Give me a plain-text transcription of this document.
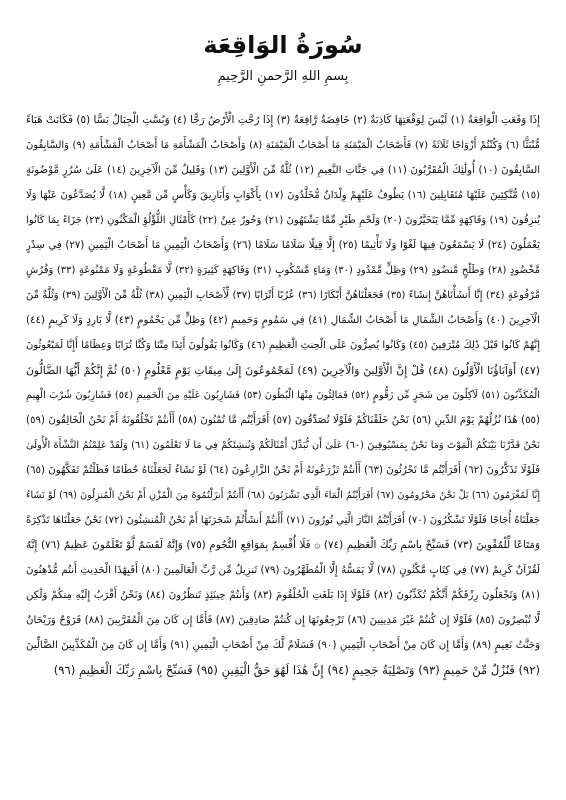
سُورَةُ الوَاقِعَة
بِسمِ اللهِ الرَّحمنِ الرَّحِيمِ
إِذَا وَقَعَتِ الْوَاقِعَةُ (١) لَيْسَ لِوَقْعَتِهَا كَاذِبَةٌ (٢) خَافِضَةٌ رَّافِعَةٌ (٣) إِذَا رُجَّتِ الْأَرْضُ رَجًّا (٤) وَبُسَّتِ الْجِبَالُ بَسًّا (٥) فَكَانَتْ هَبَاءً
مُّنْبَثًّا (٦) وَكُنْتُمْ أَزْوَاجًا ثَلَاثَةً (٧) فَأَصْحَابُ الْمَيْمَنَةِ مَا أَصْحَابُ الْمَيْمَنَةِ (٨) وَأَصْحَابُ الْمَشْأَمَةِ مَا أَصْحَابُ الْمَشْأَمَةِ (٩) وَالسَّابِقُونَ
السَّابِقُونَ (١٠) أُولَٰئِكَ الْمُقَرَّبُونَ (١١) فِي جَنَّاتِ النَّعِيمِ (١٢) ثُلَّةٌ مِّنَ الْأَوَّلِينَ (١٣) وَقَلِيلٌ مِّنَ الْآخِرِينَ (١٤) عَلَىٰ سُرُرٍ مَّوْضُونَةٍ
(١٥) مُّتَّكِئِينَ عَلَيْهَا مُتَقَابِلِينَ (١٦) يَطُوفُ عَلَيْهِمْ وِلْدَانٌ مُّخَلَّدُونَ (١٧) بِأَكْوَابٍ وَأَبَارِيقَ وَكَأْسٍ مِّن مَّعِينٍ (١٨) لَّا يُصَدَّعُونَ عَنْهَا وَلَا
يُنزِفُونَ (١٩) وَفَاكِهَةٍ مِّمَّا يَتَخَيَّرُونَ (٢٠) وَلَحْمِ طَيْرٍ مِّمَّا يَشْتَهُونَ (٢١) وَحُورٌ عِينٌ (٢٢) كَأَمْثَالِ اللُّؤْلُؤِ الْمَكْنُونِ (٢٣) جَزَاءً بِمَا كَانُوا
يَعْمَلُونَ (٢٤) لَا يَسْمَعُونَ فِيهَا لَغْوًا وَلَا تَأْثِيمًا (٢٥) إِلَّا قِيلًا سَلَامًا سَلَامًا (٢٦) وَأَصْحَابُ الْيَمِينِ مَا أَصْحَابُ الْيَمِينِ (٢٧) فِي سِدْرٍ
مَّخْضُودٍ (٢٨) وَطَلْحٍ مَّنضُودٍ (٢٩) وَظِلٍّ مَّمْدُودٍ (٣٠) وَمَاءٍ مَّسْكُوبٍ (٣١) وَفَاكِهَةٍ كَثِيرَةٍ (٣٢) لَّا مَقْطُوعَةٍ وَلَا مَمْنُوعَةٍ (٣٣) وَفُرُشٍ
مَّرْفُوعَةٍ (٣٤) إِنَّا أَنشَأْنَاهُنَّ إِنشَاءً (٣٥) فَجَعَلْنَاهُنَّ أَبْكَارًا (٣٦) عُرُبًا أَتْرَابًا (٣٧) لِّأَصْحَابِ الْيَمِينِ (٣٨) ثُلَّةٌ مِّنَ الْأَوَّلِينَ (٣٩) وَثُلَّةٌ مِّنَ
الْآخِرِينَ (٤٠) وَأَصْحَابُ الشِّمَالِ مَا أَصْحَابُ الشِّمَالِ (٤١) فِي سَمُومٍ وَحَمِيمٍ (٤٢) وَظِلٍّ مِّن يَحْمُومٍ (٤٣) لَّا بَارِدٍ وَلَا كَرِيمٍ (٤٤)
إِنَّهُمْ كَانُوا قَبْلَ ذَٰلِكَ مُتْرَفِينَ (٤٥) وَكَانُوا يُصِرُّونَ عَلَى الْحِنثِ الْعَظِيمِ (٤٦) وَكَانُوا يَقُولُونَ أَئِذَا مِتْنَا وَكُنَّا تُرَابًا وَعِظَامًا أَإِنَّا لَمَبْعُوثُونَ
(٤٧) أَوَآبَاؤُنَا الْأَوَّلُونَ (٤٨) قُلْ إِنَّ الْأَوَّلِينَ وَالْآخِرِينَ (٤٩) لَمَجْمُوعُونَ إِلَىٰ مِيقَاتِ يَوْمٍ مَّعْلُومٍ (٥٠) ثُمَّ إِنَّكُمْ أَيُّهَا الضَّالُّونَ
الْمُكَذِّبُونَ (٥١) لَآكِلُونَ مِن شَجَرٍ مِّن زَقُّومٍ (٥٢) فَمَالِئُونَ مِنْهَا الْبُطُونَ (٥٣) فَشَارِبُونَ عَلَيْهِ مِنَ الْحَمِيمِ (٥٤) فَشَارِبُونَ شُرْبَ الْهِيمِ
(٥٥) هَٰذَا نُزُلُهُمْ يَوْمَ الدِّينِ (٥٦) نَحْنُ خَلَقْنَاكُمْ فَلَوْلَا تُصَدِّقُونَ (٥٧) أَفَرَأَيْتُم مَّا تُمْنُونَ (٥٨) أَأَنتُمْ تَخْلُقُونَهُ أَمْ نَحْنُ الْخَالِقُونَ (٥٩)
نَحْنُ قَدَّرْنَا بَيْنَكُمُ الْمَوْتَ وَمَا نَحْنُ بِمَسْبُوقِينَ (٦٠) عَلَىٰ أَن نُّبَدِّلَ أَمْثَالَكُمْ وَنُنشِئَكُمْ فِي مَا لَا تَعْلَمُونَ (٦١) وَلَقَدْ عَلِمْتُمُ النَّشْأَةَ الْأُولَىٰ
فَلَوْلَا تَذَكَّرُونَ (٦٢) أَفَرَأَيْتُم مَّا تَحْرُثُونَ (٦٣) أَأَنتُمْ تَزْرَعُونَهُ أَمْ نَحْنُ الزَّارِعُونَ (٦٤) لَوْ نَشَاءُ لَجَعَلْنَاهُ حُطَامًا فَظَلْتُمْ تَفَكَّهُونَ (٦٥)
إِنَّا لَمُغْرَمُونَ (٦٦) بَلْ نَحْنُ مَحْرُومُونَ (٦٧) أَفَرَأَيْتُمُ الْمَاءَ الَّذِي تَشْرَبُونَ (٦٨) أَأَنتُمْ أَنزَلْتُمُوهُ مِنَ الْمُزْنِ أَمْ نَحْنُ الْمُنزِلُونَ (٦٩) لَوْ نَشَاءُ
جَعَلْنَاهُ أُجَاجًا فَلَوْلَا تَشْكُرُونَ (٧٠) أَفَرَأَيْتُمُ النَّارَ الَّتِي تُورُونَ (٧١) أَأَنتُمْ أَنشَأْتُمْ شَجَرَتَهَا أَمْ نَحْنُ الْمُنشِئُونَ (٧٢) نَحْنُ جَعَلْنَاهَا تَذْكِرَةً
وَمَتَاعًا لِّلْمُقْوِينَ (٧٣) فَسَبِّحْ بِاسْمِ رَبِّكَ الْعَظِيمِ (٧٤) ۞ فَلَا أُقْسِمُ بِمَوَاقِعِ النُّجُومِ (٧٥) وَإِنَّهُ لَقَسَمٌ لَّوْ تَعْلَمُونَ عَظِيمٌ (٧٦) إِنَّهُ
لَقُرْآنٌ كَرِيمٌ (٧٧) فِي كِتَابٍ مَّكْنُونٍ (٧٨) لَّا يَمَسُّهُ إِلَّا الْمُطَهَّرُونَ (٧٩) تَنزِيلٌ مِّن رَّبِّ الْعَالَمِينَ (٨٠) أَفَبِهَٰذَا الْحَدِيثِ أَنتُم مُّدْهِنُونَ
(٨١) وَتَجْعَلُونَ رِزْقَكُمْ أَنَّكُمْ تُكَذِّبُونَ (٨٢) فَلَوْلَا إِذَا بَلَغَتِ الْحُلْقُومَ (٨٣) وَأَنتُمْ حِينَئِذٍ تَنظُرُونَ (٨٤) وَنَحْنُ أَقْرَبُ إِلَيْهِ مِنكُمْ وَلَٰكِن
لَّا تُبْصِرُونَ (٨٥) فَلَوْلَا إِن كُنتُمْ غَيْرَ مَدِينِينَ (٨٦) تَرْجِعُونَهَا إِن كُنتُمْ صَادِقِينَ (٨٧) فَأَمَّا إِن كَانَ مِنَ الْمُقَرَّبِينَ (٨٨) فَرَوْحٌ وَرَيْحَانٌ
وَجَنَّتُ نَعِيمٍ (٨٩) وَأَمَّا إِن كَانَ مِنْ أَصْحَابِ الْيَمِينِ (٩٠) فَسَلَامٌ لَّكَ مِنْ أَصْحَابِ الْيَمِينِ (٩١) وَأَمَّا إِن كَانَ مِنَ الْمُكَذِّبِينَ الضَّالِّينَ
(٩٢) فَنُزُلٌ مِّنْ حَمِيمٍ (٩٣) وَتَصْلِيَةُ جَحِيمٍ (٩٤) إِنَّ هَٰذَا لَهُوَ حَقُّ الْيَقِينِ (٩٥) فَسَبِّحْ بِاسْمِ رَبِّكَ الْعَظِيمِ (٩٦)
